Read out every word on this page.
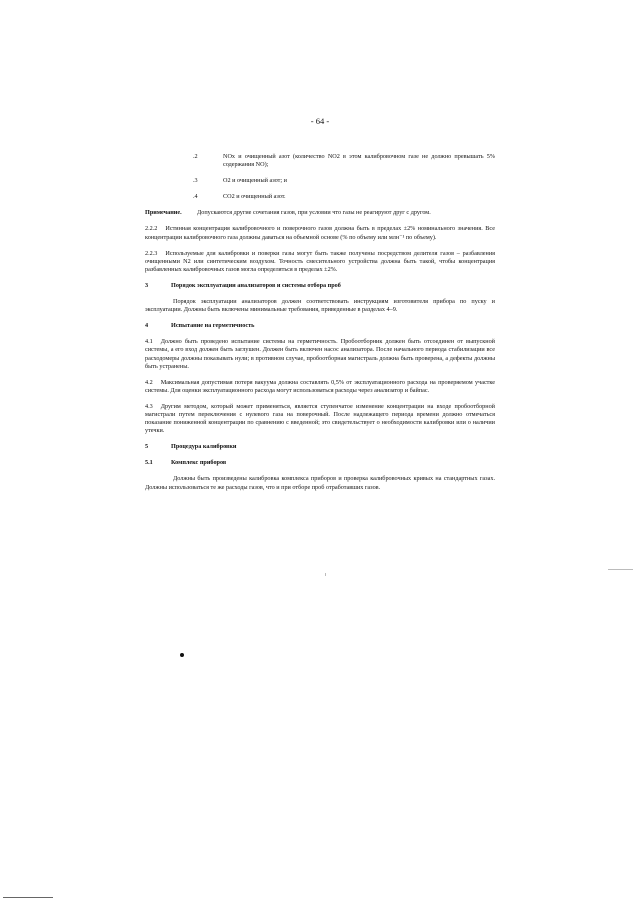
- 64 -
.2	NOx и очищенный азот (количество NO2 в этом калибровочном газе не должно превышать 5% содержания NO);
.3	O2 и очищенный азот; и
.4	CO2 и очищенный азот.
Примечание.	Допускаются другие сочетания газов, при условии что газы не реагируют друг с другом.

2.2.2 Истинная концентрация калибровочного и поверочного газов должна быть в пределах ±2% номинального значения. Все концентрации калибровочного газа должны даваться на объемной основе (% по объему или млн⁻¹ по объему).

2.2.3 Используемые для калибровки и поверки газы могут быть также получены посредством делителя газов – разбавления очищенными N2 или синтетическим воздухом. Точность смесительного устройства должна быть такой, чтобы концентрация разбавленных калибровочных газов могла определяться в пределах ±2%.

3	Порядок эксплуатации анализаторов и системы отбора проб

Порядок эксплуатации анализаторов должен соответствовать инструкциям изготовителя прибора по пуску и эксплуатации. Должны быть включены минимальные требования, приведенные в разделах 4–9.

4	Испытание на герметичность

4.1 Должно быть проведено испытание системы на герметичность. Пробоотборник должен быть отсоединен от выпускной системы, а его вход должен быть заглушен. Должен быть включен насос анализатора. После начального периода стабилизации все расходомеры должны показывать нули; в противном случае, пробоотборная магистраль должна быть проверена, а дефекты должны быть устранены.

4.2 Максимальная допустимая потеря вакуума должна составлять 0,5% от эксплуатационного расхода на проверяемом участке системы. Для оценки эксплуатационного расхода могут использоваться расходы через анализатор и байпас.

4.3 Другим методом, который может применяться, является ступенчатое изменение концентрации на входе пробоотборной магистрали путем переключения с нулевого газа на поверочный. После надлежащего периода времени должно отмечаться показание пониженной концентрации по сравнению с введенной; это свидетельствует о необходимости калибровки или о наличии утечки.

5	Процедура калибровки
5.1	Комплекс приборов

Должны быть произведены калибровка комплекса приборов и проверка калибровочных кривых на стандартных газах. Должны использоваться те же расходы газов, что и при отборе проб отработавших газов.
